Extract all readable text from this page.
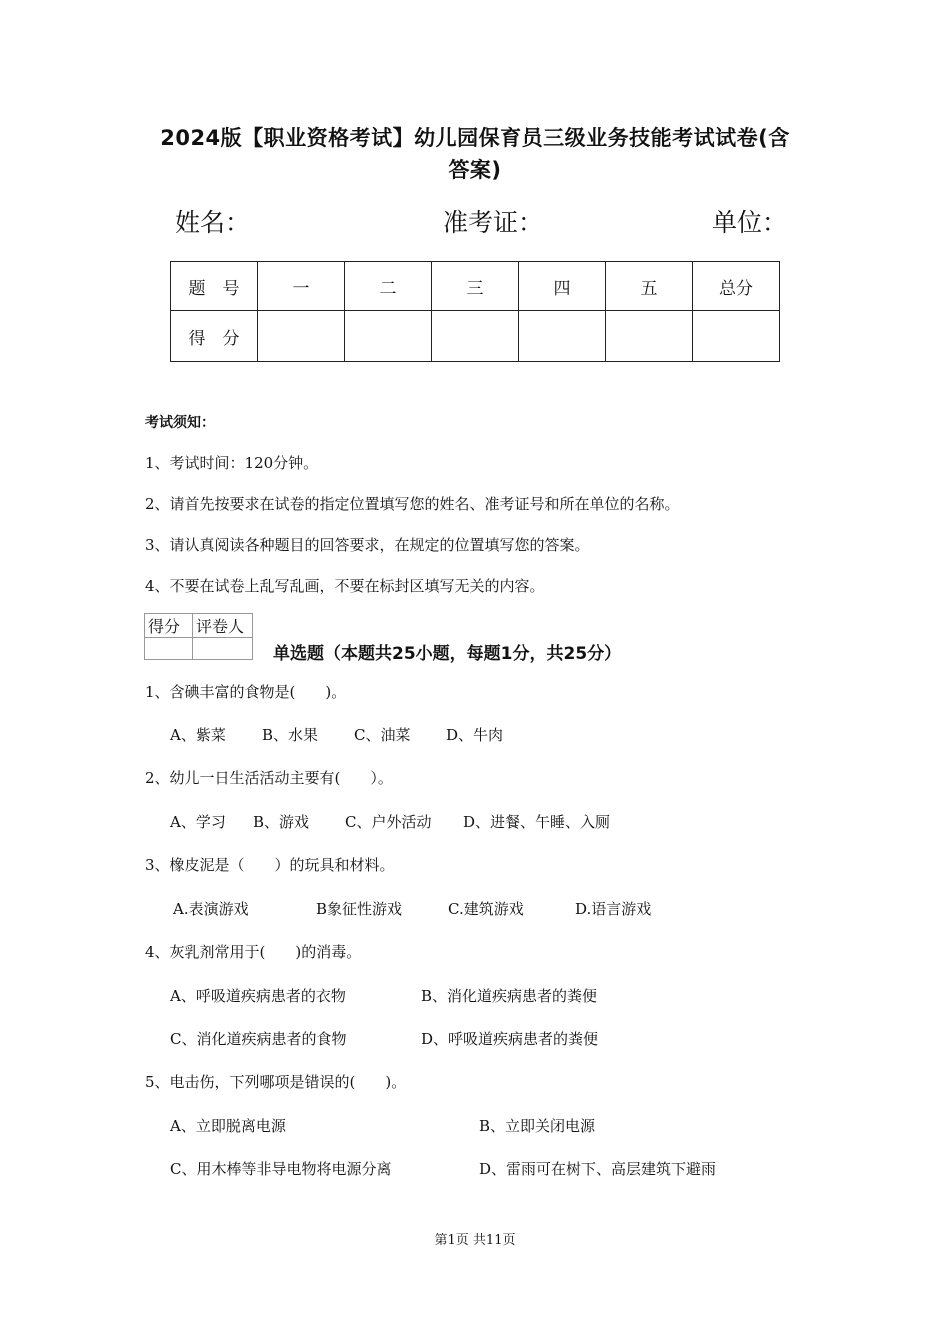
2024版【职业资格考试】幼儿园保育员三级业务技能考试试卷(含
答案)
姓名：	准考证：	单位：
题　号	一	二	三	四	五	总分
得　分						
考试须知：
1、考试时间：120分钟。
2、请首先按要求在试卷的指定位置填写您的姓名、准考证号和所在单位的名称。
3、请认真阅读各种题目的回答要求，在规定的位置填写您的答案。
4、不要在试卷上乱写乱画，不要在标封区填写无关的内容。
得分	评卷人

单选题（本题共25小题，每题1分，共25分）
1、含碘丰富的食物是(　　)。
A、紫菜 B、水果 C、油菜 D、牛肉
2、幼儿一日生活活动主要有(　　）。
A、学习 B、游戏 C、户外活动 D、进餐、午睡、入厕
3、橡皮泥是（　　）的玩具和材料。
A.表演游戏	B象征性游戏	C.建筑游戏	D.语言游戏
4、灰乳剂常用于(　　)的消毒。
A、呼吸道疾病患者的衣物	B、消化道疾病患者的粪便
C、消化道疾病患者的食物	D、呼吸道疾病患者的粪便
5、电击伤，下列哪项是错误的(　　)。
A、立即脱离电源	B、立即关闭电源
C、用木棒等非导电物将电源分离	D、雷雨可在树下、高层建筑下避雨
第1页 共11页
